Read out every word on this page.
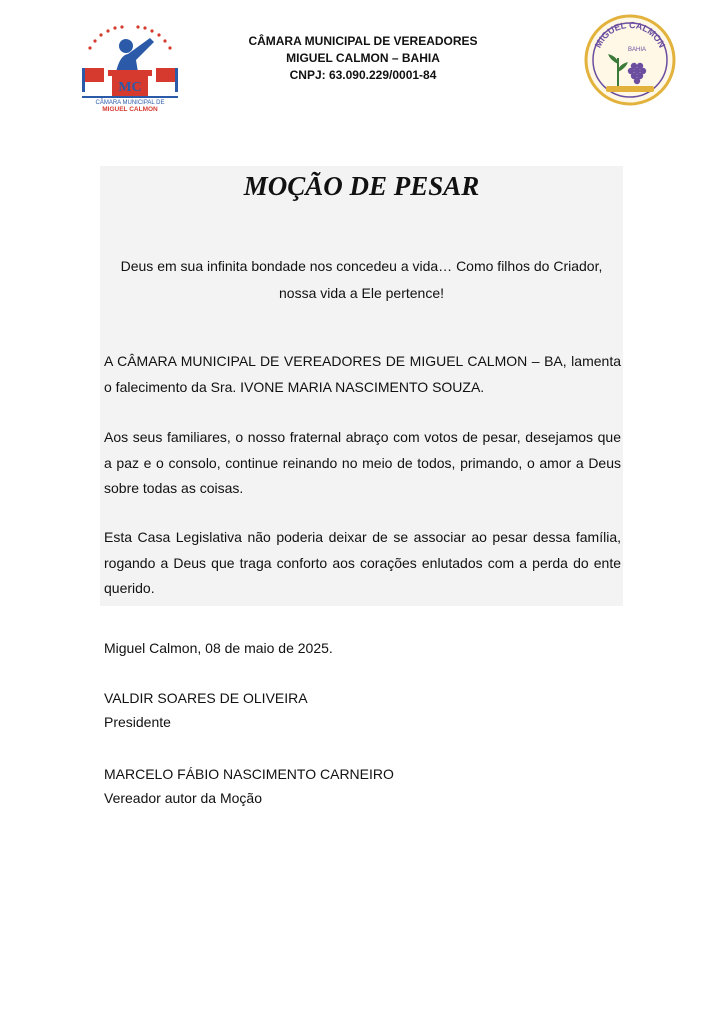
MC
CÂMARA MUNICIPAL DE
MIGUEL CALMON
CÂMARA MUNICIPAL DE VEREADORES
MIGUEL CALMON – BAHIA
CNPJ: 63.090.229/0001-84
MIGUEL CALMON
BAHIA
MOÇÃO DE PESAR
Deus em sua infinita bondade nos concedeu a vida… Como filhos do Criador,
nossa vida a Ele pertence!

A CÂMARA MUNICIPAL DE VEREADORES DE MIGUEL CALMON – BA, lamenta o falecimento da Sra. IVONE MARIA NASCIMENTO SOUZA.

Aos seus familiares, o nosso fraternal abraço com votos de pesar, desejamos que a paz e o consolo, continue reinando no meio de todos, primando, o amor a Deus sobre todas as coisas.

Esta Casa Legislativa não poderia deixar de se associar ao pesar dessa família, rogando a Deus que traga conforto aos corações enlutados com a perda do ente querido.

Miguel Calmon, 08 de maio de 2025.
VALDIR SOARES DE OLIVEIRA
Presidente
MARCELO FÁBIO NASCIMENTO CARNEIRO
Vereador autor da Moção
